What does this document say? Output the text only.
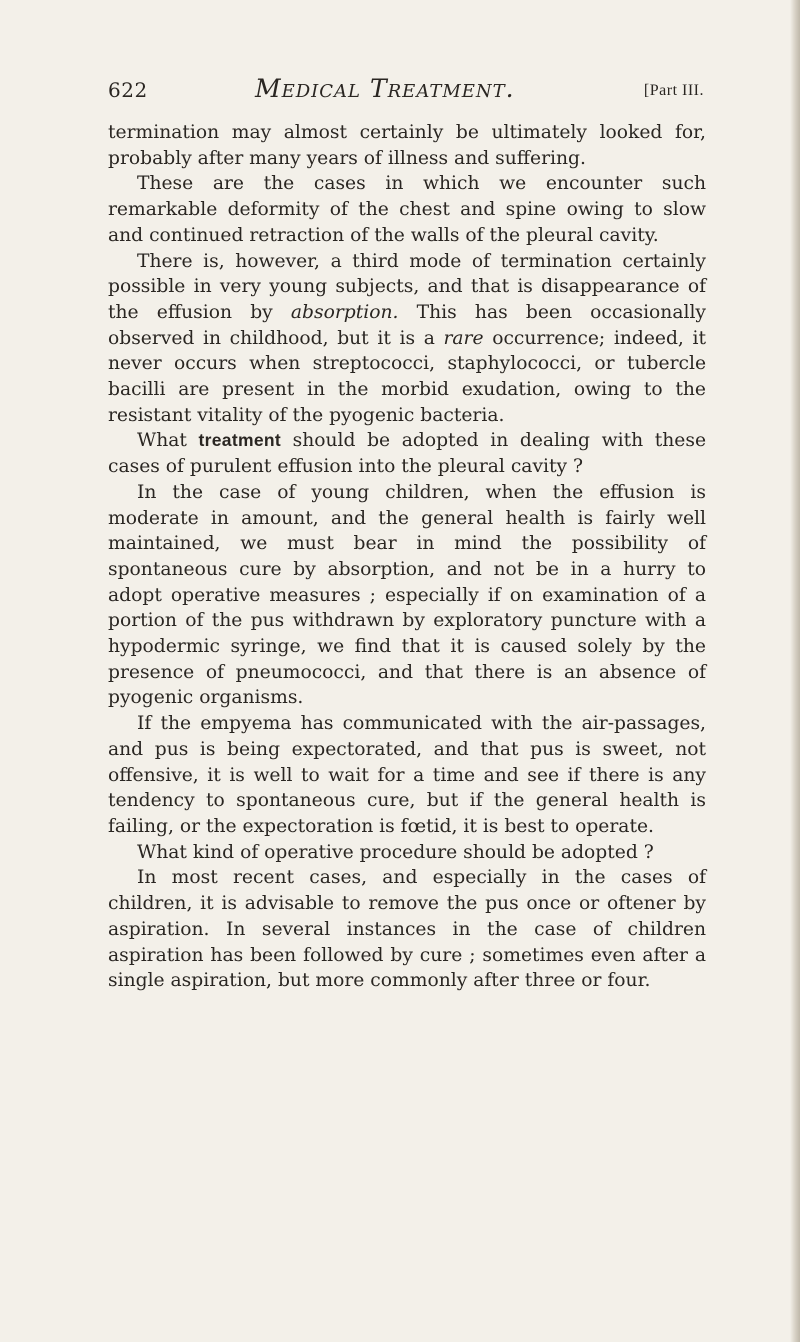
622	Medical Treatment.	[Part III.

termination may almost certainly be ultimately looked for, probably after many years of illness and suffering.

These are the cases in which we encounter such remarkable deformity of the chest and spine owing to slow and continued retraction of the walls of the pleural cavity.

There is, however, a third mode of termination certainly possible in very young subjects, and that is disappearance of the effusion by absorption. This has been occasionally observed in childhood, but it is a rare occurrence; indeed, it never occurs when streptococci, staphylococci, or tubercle bacilli are present in the morbid exudation, owing to the resistant vitality of the pyogenic bacteria.

What treatment should be adopted in dealing with these cases of purulent effusion into the pleural cavity ?

In the case of young children, when the effusion is moderate in amount, and the general health is fairly well maintained, we must bear in mind the possibility of spontaneous cure by absorption, and not be in a hurry to adopt operative measures ; especially if on examination of a portion of the pus withdrawn by exploratory puncture with a hypodermic syringe, we find that it is caused solely by the presence of pneumococci, and that there is an absence of pyogenic organisms.

If the empyema has communicated with the air-passages, and pus is being expectorated, and that pus is sweet, not offensive, it is well to wait for a time and see if there is any tendency to spontaneous cure, but if the general health is failing, or the expectoration is fœtid, it is best to operate.

What kind of operative procedure should be adopted ?

In most recent cases, and especially in the cases of children, it is advisable to remove the pus once or oftener by aspiration. In several instances in the case of children aspiration has been followed by cure ; sometimes even after a single aspiration, but more commonly after three or four.
